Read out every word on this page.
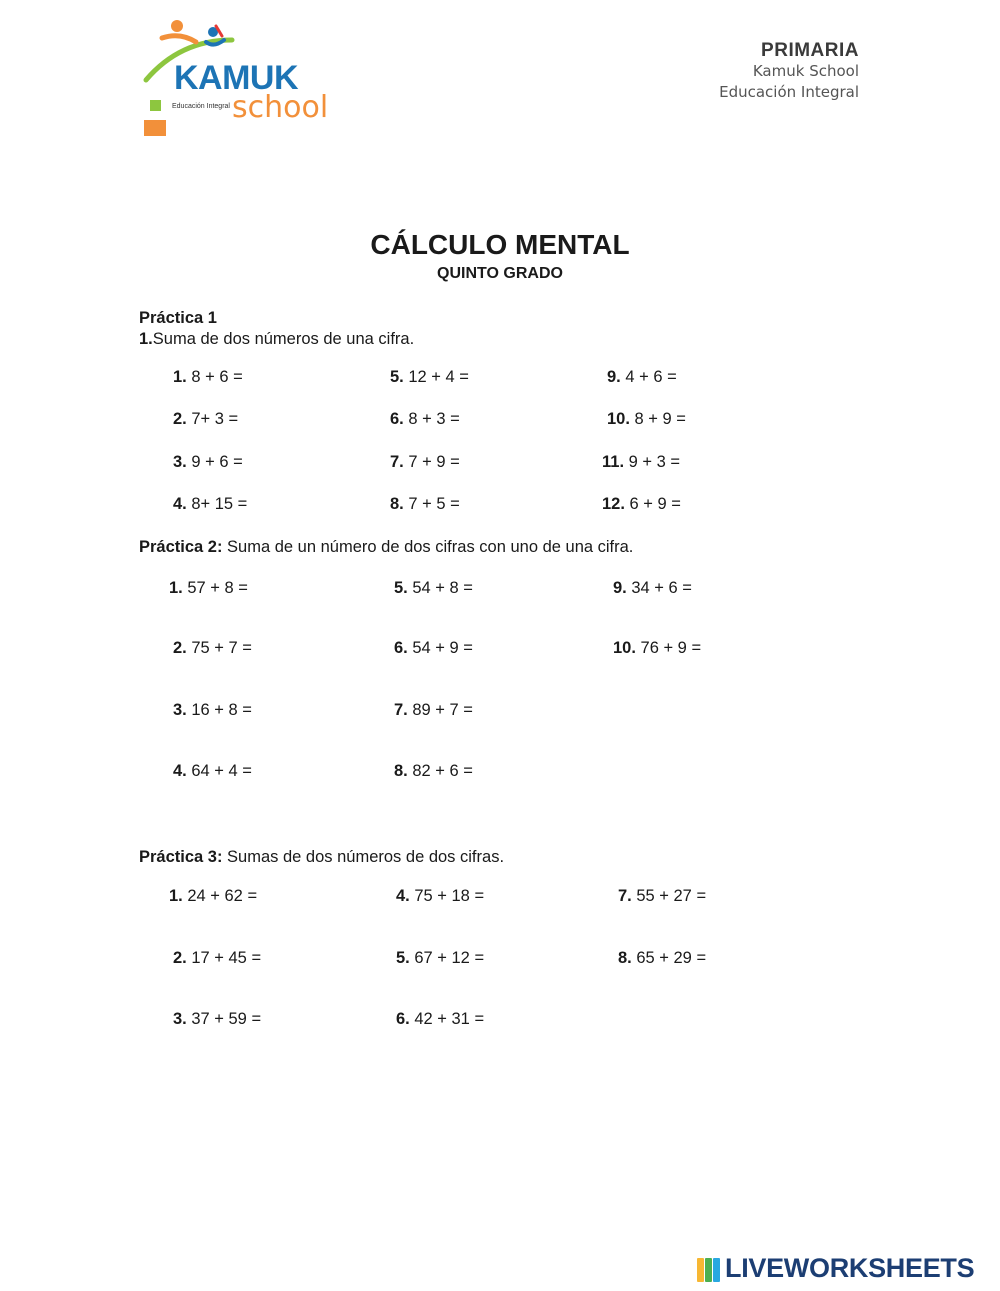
KAMUK
Educación Integral school
PRIMARIA
Kamuk School
Educación Integral
CÁLCULO MENTAL
QUINTO GRADO
Práctica 1
1.Suma de dos números de una cifra.
1. 8 + 6 =
2. 7+ 3 =
3. 9 + 6 =
4. 8+ 15 =
5. 12 + 4 =
6. 8 + 3 =
7. 7 + 9 =
8. 7 + 5 =
9. 4 + 6 =
10. 8 + 9 =
11. 9 + 3 =
12. 6 + 9 =
Práctica 2: Suma de un número de dos cifras con uno de una cifra.
1. 57 + 8 =
2. 75 + 7 =
3. 16 + 8 =
4. 64 + 4 =
5. 54 + 8 =
6. 54 + 9 =
7. 89 + 7 =
8. 82 + 6 =
9. 34 + 6 =
10. 76 + 9 =
Práctica 3: Sumas de dos números de dos cifras.
1. 24 + 62 =
2. 17 + 45 =
3. 37 + 59 =
4. 75 + 18 =
5. 67 + 12 =
6. 42 + 31 =
7. 55 + 27 =
8. 65 + 29 =
LIVEWORKSHEETS
